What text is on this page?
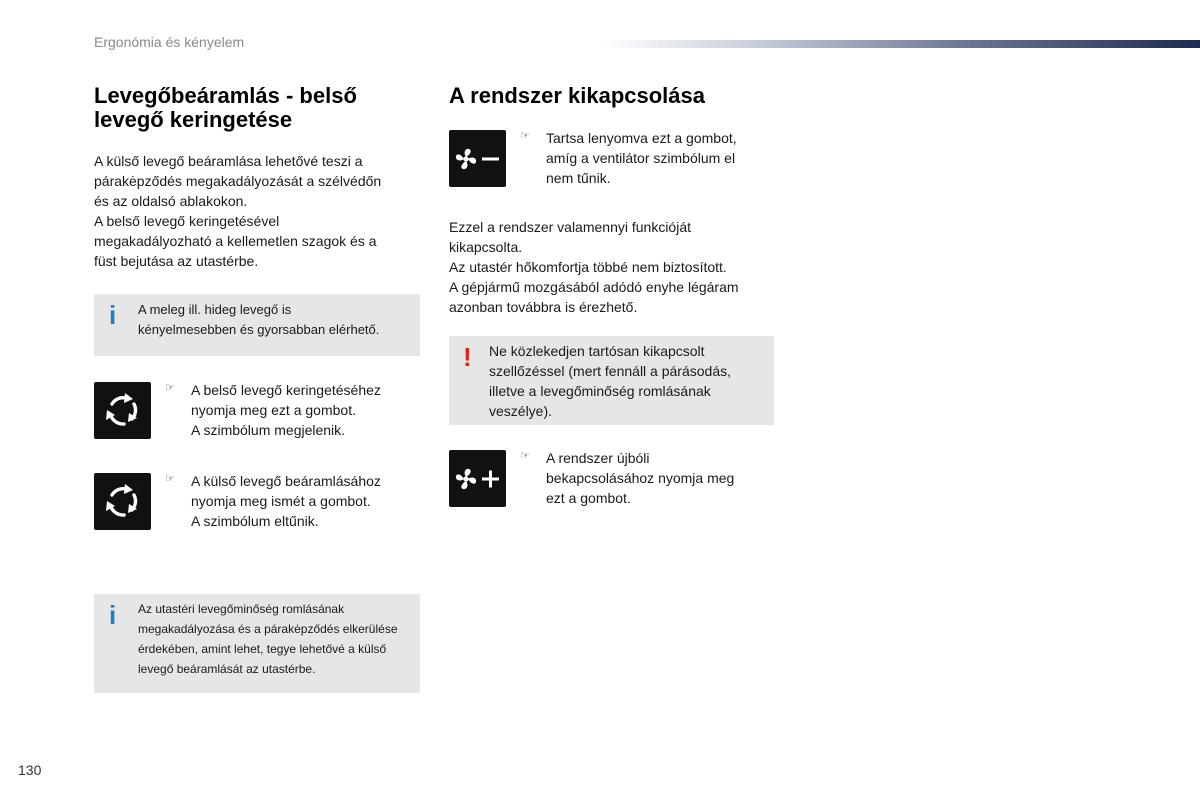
Ergonómia és kényelem
Levegőbeáramlás - belső
levegő keringetése

A külső levegő beáramlása lehetővé teszi a
párakėpződés megakadályozását a szélvédőn
és az oldalsó ablakokon.
A belső levegő keringetésével
megakadályozható a kellemetlen szagok és a
füst bejutása az utastérbe.

i A meleg ill. hideg levegő is
kényelmesebben és gyorsabban elérhető.

☞ A belső levegő keringetéséhez
nyomja meg ezt a gombot.
A szimbólum megjelenik.

☞ A külső levegő beáramlásához
nyomja meg ismét a gombot.
A szimbólum eltűnik.

i Az utastéri levegőminőség romlásának
megakadályozása és a párakėpződés elkerülése
érdekében, amint lehet, tegye lehetővé a külső
levegő beáramlását az utastérbe.

A rendszer kikapcsolása
☞ Tartsa lenyomva ezt a gombot,
amíg a ventilátor szimbólum el
nem tűnik.

Ezzel a rendszer valamennyi funkcióját
kikapcsolta.
Az utastér hőkomfortja többé nem biztosított.
A gépjármű mozgásából adódó enyhe légáram
azonban továbbra is érezhető.

! Ne közlekedjen tartósan kikapcsolt
szellőzéssel (mert fennáll a párásodás,
illetve a levegőminőség romlásának
veszélye).

☞ A rendszer újbóli
bekapcsolásához nyomja meg
ezt a gombot.

130
